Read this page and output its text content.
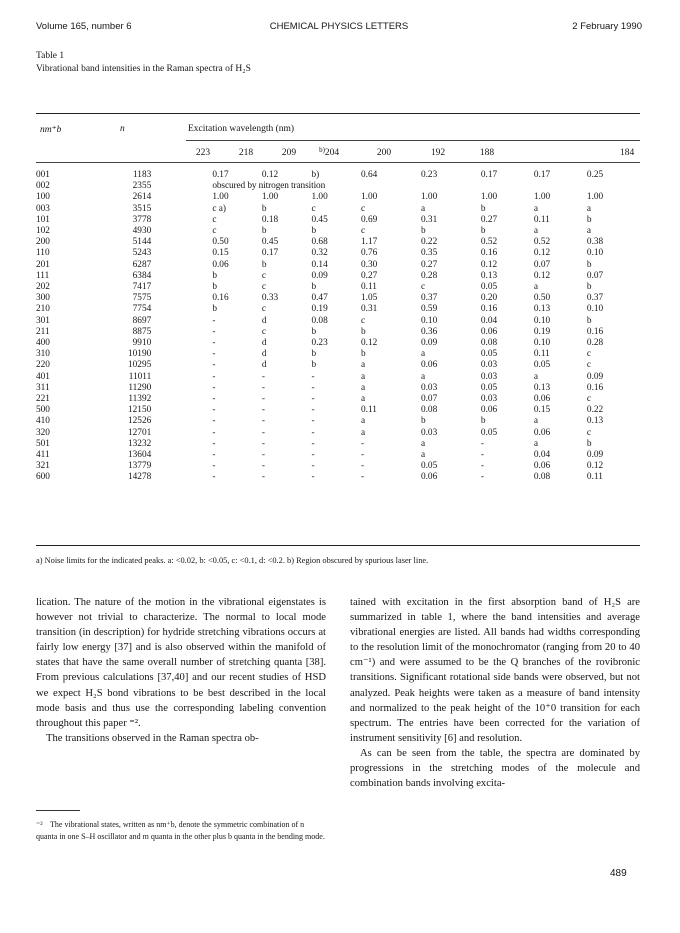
Volume 165, number 6	CHEMICAL PHYSICS LETTERS	2 February 1990
Table 1
Vibrational band intensities in the Raman spectra of H₂S
nm⁺b	n	Excitation wavelength (nm)
223	218	209	204	200	192	188	184
b)
001	1183		0.17	0.12	b)	0.64	0.23	0.17	0.17	0.25
002	2355		obscured by nitrogen transition							
100	2614		1.00	1.00	1.00	1.00	1.00	1.00	1.00	1.00
003	3515		c a)	b	c	c	a	b	a	a
101	3778		c	0.18	0.45	0.69	0.31	0.27	0.11	b
102	4930		c	b	b	c	b	b	a	a
200	5144		0.50	0.45	0.68	1.17	0.22	0.52	0.52	0.38
110	5243		0.15	0.17	0.32	0.76	0.35	0.16	0.12	0.10
201	6287		0.06	b	0.14	0.30	0.27	0.12	0.07	b
111	6384		b	c	0.09	0.27	0.28	0.13	0.12	0.07
202	7417		b	c	b	0.11	c	0.05	a	b
300	7575		0.16	0.33	0.47	1.05	0.37	0.20	0.50	0.37
210	7754		b	c	0.19	0.31	0.59	0.16	0.13	0.10
301	8697		-	d	0.08	c	0.10	0.04	0.10	b
211	8875		-	c	b	b	0.36	0.06	0.19	0.16
400	9910		-	d	0.23	0.12	0.09	0.08	0.10	0.28
310	10190		-	d	b	b	a	0.05	0.11	c
220	10295		-	d	b	a	0.06	0.03	0.05	c
401	11011		-	-	-	a	a	0.03	a	0.09
311	11290		-	-	-	a	0.03	0.05	0.13	0.16
221	11392		-	-	-	a	0.07	0.03	0.06	c
500	12150		-	-	-	0.11	0.08	0.06	0.15	0.22
410	12526		-	-	-	a	b	b	a	0.13
320	12701		-	-	-	a	0.03	0.05	0.06	c
501	13232		-	-	-	-	a	-	a	b
411	13604		-	-	-	-	a	-	0.04	0.09
321	13779		-	-	-	-	0.05	-	0.06	0.12
600	14278		-	-	-	-	0.06	-	0.08	0.11
a) Noise limits for the indicated peaks. a: <0.02, b: <0.05, c: <0.1, d: <0.2. b) Region obscured by spurious laser line.

lication. The nature of the motion in the vibrational eigenstates is however not trivial to characterize. The normal to local mode transition (in description) for hydride stretching vibrations occurs at fairly low energy [37] and is also observed within the manifold of states that have the same overall number of stretching quanta [38]. From previous calculations [37,40] and our recent studies of HSD we expect H₂S bond vibrations to be best described in the local mode basis and thus use the corresponding labeling convention throughout this paper ⁼².

The transitions observed in the Raman spectra ob-

⁼² The vibrational states, written as nm⁺b, denote the symmetric combination of n quanta in one S–H oscillator and m quanta in the other plus b quanta in the bending mode.

tained with excitation in the first absorption band of H₂S are summarized in table 1, where the band intensities and average vibrational energies are listed. All bands had widths corresponding to the resolution limit of the monochromator (ranging from 20 to 40 cm⁻¹) and were assumed to be the Q branches of the rovibronic transitions. Significant rotational side bands were observed, but not analyzed. Peak heights were taken as a measure of band intensity and normalized to the peak height of the 10⁺0 transition for each spectrum. The entries have been corrected for the variation of instrument sensitivity [6] and resolution.

As can be seen from the table, the spectra are dominated by progressions in the stretching modes of the molecule and combination bands involving excita-

489
